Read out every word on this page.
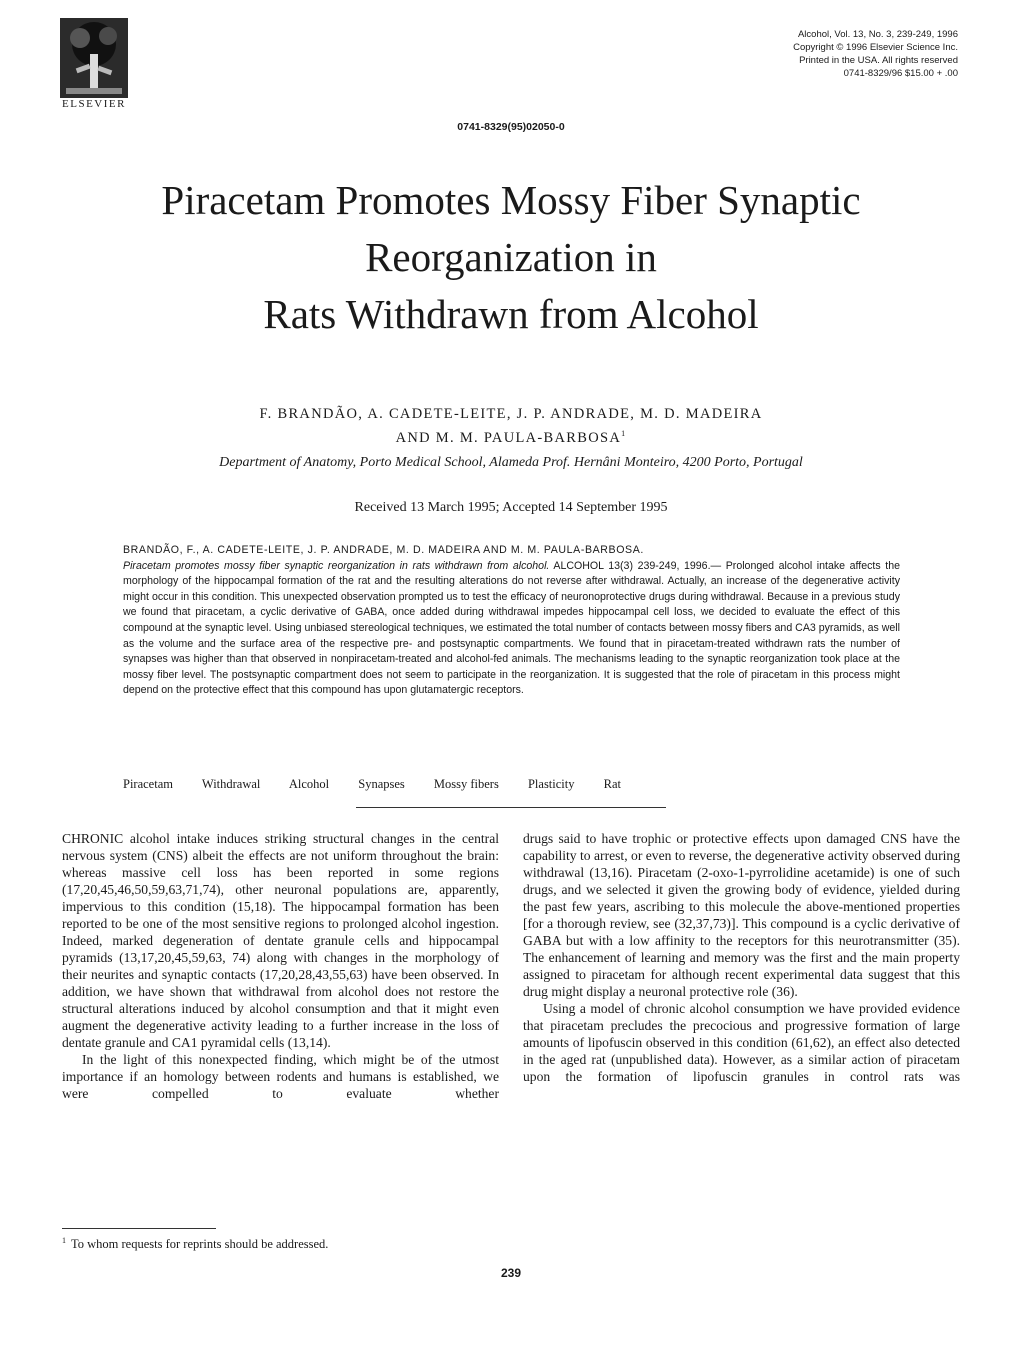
ELSEVIER
Alcohol, Vol. 13, No. 3, 239-249, 1996
Copyright © 1996 Elsevier Science Inc.
Printed in the USA. All rights reserved
0741-8329/96 $15.00 + .00
0741-8329(95)02050-0
Piracetam Promotes Mossy Fiber Synaptic
Reorganization in
Rats Withdrawn from Alcohol
F. BRANDÃO, A. CADETE-LEITE, J. P. ANDRADE, M. D. MADEIRA
AND M. M. PAULA-BARBOSA$^1$
Department of Anatomy, Porto Medical School, Alameda Prof. Hernâni Monteiro, 4200 Porto, Portugal
Received 13 March 1995; Accepted 14 September 1995
BRANDÃO, F., A. CADETE-LEITE, J. P. ANDRADE, M. D. MADEIRA AND M. M. PAULA-BARBOSA.
Piracetam promotes mossy fiber synaptic reorganization in rats withdrawn from alcohol. ALCOHOL 13(3) 239-249, 1996.— Prolonged alcohol intake affects the morphology of the hippocampal formation of the rat and the resulting alterations do not reverse after withdrawal. Actually, an increase of the degenerative activity might occur in this condition. This unexpected observation prompted us to test the efficacy of neuronoprotective drugs during withdrawal. Because in a previous study we found that piracetam, a cyclic derivative of GABA, once added during withdrawal impedes hippocampal cell loss, we decided to evaluate the effect of this compound at the synaptic level. Using unbiased stereological techniques, we estimated the total number of contacts between mossy fibers and CA3 pyramids, as well as the volume and the surface area of the respective pre- and postsynaptic compartments. We found that in piracetam-treated withdrawn rats the number of synapses was higher than that observed in nonpiracetam-treated and alcohol-fed animals. The mechanisms leading to the synaptic reorganization took place at the mossy fiber level. The postsynaptic compartment does not seem to participate in the reorganization. It is suggested that the role of piracetam in this process might depend on the protective effect that this compound has upon glutamatergic receptors.
Piracetam Withdrawal Alcohol Synapses Mossy fibers Plasticity Rat

CHRONIC alcohol intake induces striking structural changes in the central nervous system (CNS) albeit the effects are not uniform throughout the brain: whereas massive cell loss has been reported in some regions (17,20,45,46,50,59,63,71,74), other neuronal populations are, apparently, impervious to this condition (15,18). The hippocampal formation has been reported to be one of the most sensitive regions to prolonged alcohol ingestion. Indeed, marked degeneration of dentate granule cells and hippocampal pyramids (13,17,20,45,59,63, 74) along with changes in the morphology of their neurites and synaptic contacts (17,20,28,43,55,63) have been observed. In addition, we have shown that withdrawal from alcohol does not restore the structural alterations induced by alcohol consumption and that it might even augment the degenerative activity leading to a further increase in the loss of dentate granule and CA1 pyramidal cells (13,14).

In the light of this nonexpected finding, which might be of the utmost importance if an homology between rodents and humans is established, we were compelled to evaluate whether

drugs said to have trophic or protective effects upon damaged CNS have the capability to arrest, or even to reverse, the degenerative activity observed during withdrawal (13,16). Piracetam (2-oxo-1-pyrrolidine acetamide) is one of such drugs, and we selected it given the growing body of evidence, yielded during the past few years, ascribing to this molecule the above-mentioned properties [for a thorough review, see (32,37,73)]. This compound is a cyclic derivative of GABA but with a low affinity to the receptors for this neurotransmitter (35). The enhancement of learning and memory was the first and the main property assigned to piracetam for although recent experimental data suggest that this drug might display a neuronal protective role (36).

Using a model of chronic alcohol consumption we have provided evidence that piracetam precludes the precocious and progressive formation of large amounts of lipofuscin observed in this condition (61,62), an effect also detected in the aged rat (unpublished data). However, as a similar action of piracetam upon the formation of lipofuscin granules in control rats was

$^1$ To whom requests for reprints should be addressed.
239
